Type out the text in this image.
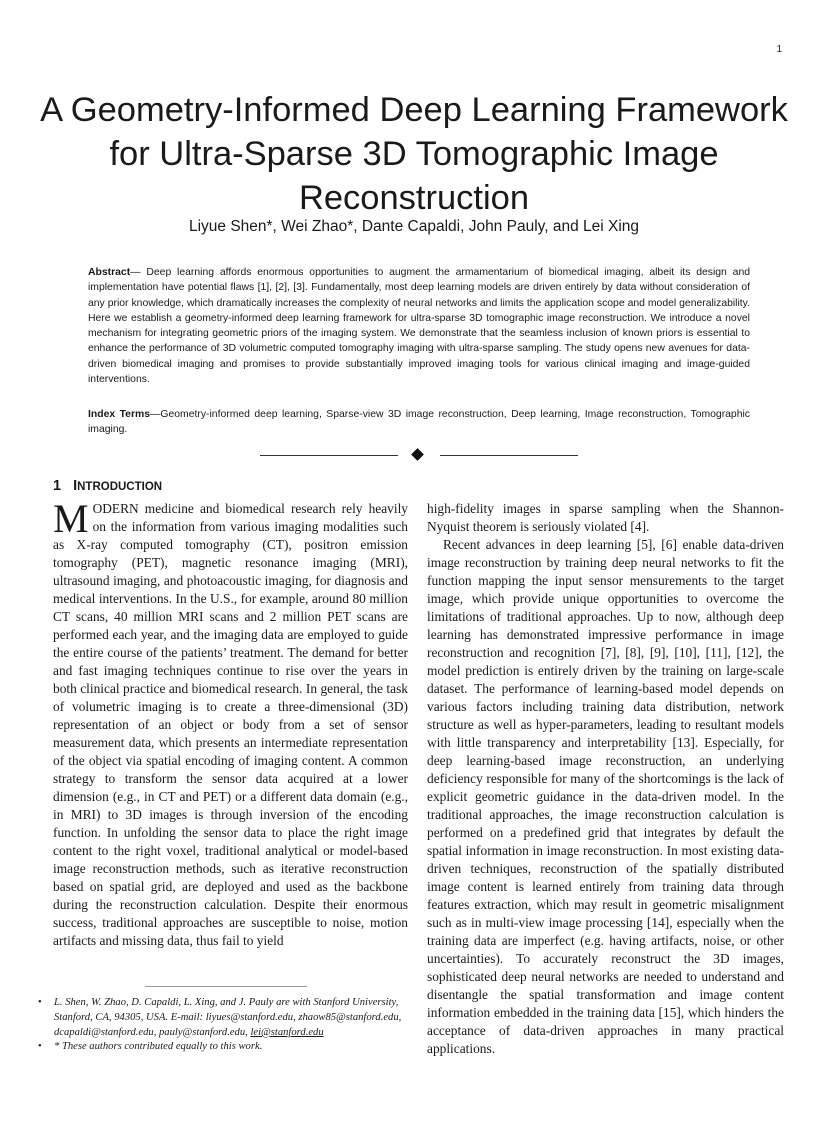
1
A Geometry-Informed Deep Learning Framework for Ultra-Sparse 3D Tomographic Image Reconstruction

Liyue Shen*, Wei Zhao*, Dante Capaldi, John Pauly, and Lei Xing

Abstract— Deep learning affords enormous opportunities to augment the armamentarium of biomedical imaging, albeit its design and implementation have potential flaws [1], [2], [3]. Fundamentally, most deep learning models are driven entirely by data without consideration of any prior knowledge, which dramatically increases the complexity of neural networks and limits the application scope and model generalizability. Here we establish a geometry-informed deep learning framework for ultra-sparse 3D tomographic image reconstruction. We introduce a novel mechanism for integrating geometric priors of the imaging system. We demonstrate that the seamless inclusion of known priors is essential to enhance the performance of 3D volumetric computed tomography imaging with ultra-sparse sampling. The study opens new avenues for data-driven biomedical imaging and promises to provide substantially improved imaging tools for various clinical imaging and image-guided interventions.

Index Terms—Geometry-informed deep learning, Sparse-view 3D image reconstruction, Deep learning, Image reconstruction, Tomographic imaging.

1 INTRODUCTION

MODERN medicine and biomedical research rely heavily on the information from various imaging modalities such as X-ray computed tomography (CT), positron emission tomography (PET), magnetic resonance imaging (MRI), ultrasound imaging, and photoacoustic imaging, for diagnosis and medical interventions. In the U.S., for example, around 80 million CT scans, 40 million MRI scans and 2 million PET scans are performed each year, and the imaging data are employed to guide the entire course of the patients’ treatment. The demand for better and fast imaging techniques continue to rise over the years in both clinical practice and biomedical research. In general, the task of volumetric imaging is to create a three-dimensional (3D) representation of an object or body from a set of sensor measurement data, which presents an intermediate representation of the object via spatial encoding of imaging content. A common strategy to transform the sensor data acquired at a lower dimension (e.g., in CT and PET) or a different data domain (e.g., in MRI) to 3D images is through inversion of the encoding function. In unfolding the sensor data to place the right image content to the right voxel, traditional analytical or model-based image reconstruction methods, such as iterative reconstruction based on spatial grid, are deployed and used as the backbone during the reconstruction calculation. Despite their enormous success, traditional approaches are susceptible to noise, motion artifacts and missing data, thus fail to yield

high-fidelity images in sparse sampling when the Shannon-Nyquist theorem is seriously violated [4].

Recent advances in deep learning [5], [6] enable data-driven image reconstruction by training deep neural networks to fit the function mapping the input sensor mensurements to the target image, which provide unique opportunities to overcome the limitations of traditional approaches. Up to now, although deep learning has demonstrated impressive performance in image reconstruction and recognition [7], [8], [9], [10], [11], [12], the model prediction is entirely driven by the training on large-scale dataset. The performance of learning-based model depends on various factors including training data distribution, network structure as well as hyper-parameters, leading to resultant models with little transparency and interpretability [13]. Especially, for deep learning-based image reconstruction, an underlying deficiency responsible for many of the shortcomings is the lack of explicit geometric guidance in the data-driven model. In the traditional approaches, the image reconstruction calculation is performed on a predefined grid that integrates by default the spatial information in image reconstruction. In most existing data-driven techniques, reconstruction of the spatially distributed image content is learned entirely from training data through features extraction, which may result in geometric misalignment such as in multi-view image processing [14], especially when the training data are imperfect (e.g. having artifacts, noise, or other uncertainties). To accurately reconstruct the 3D images, sophisticated deep neural networks are needed to understand and disentangle the spatial transformation and image content information embedded in the training data [15], which hinders the acceptance of data-driven approaches in many practical applications.

• L. Shen, W. Zhao, D. Capaldi, L. Xing, and J. Pauly are with Stanford University, Stanford, CA, 94305, USA. E-mail: liyues@stanford.edu, zhaow85@stanford.edu, dcapaldi@stanford.edu, pauly@stanford.edu, lei@stanford.edu
• * These authors contributed equally to this work.
